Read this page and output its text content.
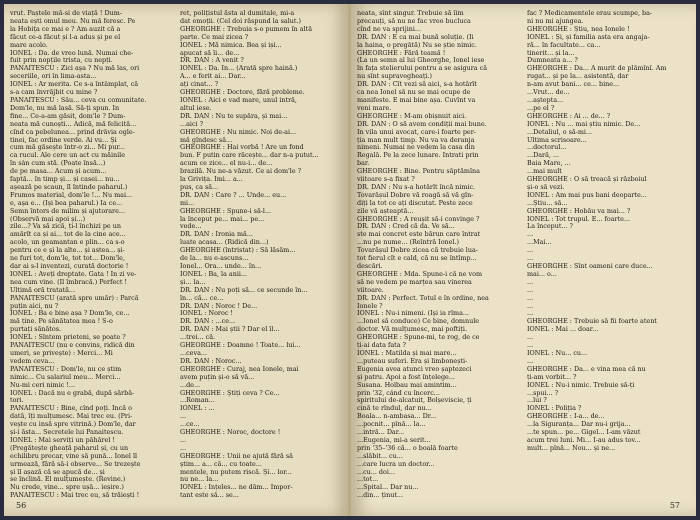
vrut. Paștele mă-si de viață ! Dum-
neata ești omul meu. Nu mă feresc. Pe
la Hobița ce mai e ? Am auzit că a
făcut ce-a făcut și l-a adus și pe el
mare acolo.
IONEL : Da. de vreo lună. Numai che-
fuit prin nopțile trista, cu nepți.
PANAITESCU : Zici așa ? Nu mă las, ori
seceriile, ori în lima-asta...
IONEL : Ar merita. Ce s-a întâmplat, că
s-a cam învrăjbit cu mine ?
PANAITESCU : Său... ceva cu comunitate.
Dom'le, nu mă lasă. Să-ți spun. În
fine... Ce-a-am găsit, dom'le ? Dum-
neata mă cunoști... Adică, mă felicită...
cînd ca pebelunea... prind drăvia ogle-
tinei, fac ordine verde. Ai vu... Și
cum mă găsește într-o zi... Mi pur...
ca rucul. Ale cere un act cu măinile
în sân cum stă. (Poate însă...)
de pe masa... Acum și acum...
faptă... în timp și... și casei... nu...
așează pe scaun, îl întinde paharul.)
Frumos material, dom'le !... Nu mai...
e, așa e... (Își bea paharul.) Ia ce...
Semn întors de milim și ajutorare...
(Observă mai apoi și...)
zile...? Va să zică, ți-l închizi pe un
amărît ca și ai... tot de la cine ace...
acolo, un geamantan e plin... ca s-o
pentru ce e și la alte... și astea... și-
ne furi tot, dom'le, tot tot... Dom'le,
dar ai s-l inventezi, curată doctorie !
IONEL : Aveți dreptate. Gata ! În zi ve-
nea cum vine. (Îl îmbracă.) Perfect !
Ultimă oră tratată...
PANAITESCU (arată spre umăr) : Parcă
puțin aici, nu ?
IONEL : Ba e bine așa ? Dom'le, ce...
mă ține. Pe sănătatea mea ! S-o
purtați sănătos.
IONEL : Sîntem prieteni, se poate ?
PANAITESCU (nu e convins, ridică din
umeri, se privește) : Merci... Mi
vedem ceva...
PANAITESCU : Dom'le, nu ce știm
nimic... Cu salariul meu... Merci...
Nu-mi ceri nimic !...
IONEL : Dacă nu e grabă, după sărbă-
tori.
PANAITESCU : Bine, cînd poți. Încă o
dată, îți mulțumesc. Mai trec eu. (Pri-
vește cu insă spre vitrină.) Dom'le, dar
și-i ăsta... Secretele lui Panaitescu.
IONEL : Mai serviți un păhărel !
(Pregătește gheață paharul și, cu un
echilibru precar, vine să pună... Ionel îl
urmează, fără să-i observe... Se trezește
și îl așază că se apucă de... și
se înclină. El mulțumește. (Revine.)
Nu crede, vine... spre ușă... ieșire.)
PANAITESCU : Mai trec eu, să trăiești !
ret, polițistul ăsta al dumitale, mi-a
dat emoții. (Cel doi răspund la salut.)
GHEORGHE : Trebuia s-o pumem în altă
parte. Ce mai zicea ?
IONEL : Mă nimica. Bea și iși...
apucat să îi... de...
DR. DAN : A venit ?
IONEL : Da. În... (Arată spre haină.)
A... e ferit ai... Dar...
ați cinat... ?
GHEORGHE : Doctore, fără probleme.
IONEL : Aici e vad mare, unul intră,
altul iese.
DR. DAN : Nu te supăra, și mai...
...aici ?
GHEORGHE : Nu nimic. Noi de-ai...
mă gîndesc să...
GHEORGHE : Hai vorbă ! Are un fond
bun. F putin care răcește... dar n-a putut...
acum ce zice... el nu-i... de...
brazilă. Nu ne-a văzut. Ce ai dom'le ?
la Grivița. Îmi... a...
pus, ca să...
DR. DAN : Care ? ... Unde... eu...
mi...
GHEORGHE : Spune-i să-l...
la început pe... mai... pe...
vede...
DR. DAN : Ironia mă...
luate acasa... (Ridică din...)
GHEORGHE (întristat) : Să lăsăm...
de la... nu e-ascuns...
Ionel... Ora... unde... în...
IONEL : Ba, la anii...
și... la...
DR. DAN : Nu poți să... ce secunde în...
în... că... ce...
DR. DAN : Noroc ! De...
IONEL : Noroc !
DR. DAN : ...ce...
DR. DAN : Mai știi ? Dar el îl...
...trei... că.
GHEORGHE : Doamne ! Toate... lui...
...ceva...
DR. DAN : Noroc...
GHEORGHE : Curaj, nea Ionele, mai
avem puțin și-o să vă...
...de...
GHEORGHE : Știți ceva ? Ce...
...Roman...
IONEL : ...
...
...ce...
GHEORGHE : Noroc, doctore !
...
...
GHEORGHE : Unii ne ajută fără să
știm... a... că... cu toate...
mentele, nu putem riscă. Și... lor...
nu ne... la...
IONEL : Înțeles... ne dăm... Impor-
tant este să... se...
56
neata, sînt singur. Trebuie să îim
precauți, să nu ne fac vreo bucluca
cînd ne va sprijini...
DR. DAN : E ca mai bună soluție. (Îi
la haina, o pregătă) Nu se știe nimic.
GHEORGHE : Fără teamă !
(La un semn al lui Gheorghe, Ionel iese
în fața stelierului pentru a se asigura că
nu sînt supravegheați.)
DR. DAN : Cît vezi să aici, s-a hotărît
ca nea Ionel să nu se mai ocupe de
manifeste. E mai bine așa. Cuvînt va
veni mare.
GHEORGHE : M-am obișnuit aici.
DR. DAN : O să avem condiții mai bune.
În vila unui avocat, care-i foarte per-
ția man mult timp. Nu va va deranja
nimeni. Numai ne vedem la casa din
Regală. Pe la zece lunare. Intrati prin
bar.
GHEORGHE : Bine. Pentru săptămîna
viitoare s-a fixat ?
DR. DAN : Nu s-a hotărît încă nimic.
Tovarășul Dobre vă roagă să vă gîn-
diți la tot ce ați discutat. Peste zece
zile vă așteaptă...
GHEORGHE : A reușit să-i convinge ?
DR. DAN : Cred că da. Ve să...
ste mai concret este bărun care întrat
...nu pe nume... (Reîntră Ionel.)
Tovarășul Dobre zicea că trebuie lua-
tot fierul cît e cald, că nu se întîmp...
descări.
GHEORGHE : Mda. Spune-i că ne vom
să ne vedem pe marțea sau vinerea
viitoare.
DR. DAN : Perfect. Totul e în ordine, nea
Ionele ?
IONEL : Nu-i nimeni. (Își ia rîma...
...Ionel să conduce) Ce bine, domnule
doctor. Vă mulțumesc, mai poftiți.
GHEORGHE : Spune-mi, te rog, de ce
ți-ai data fata ?
IONEL : Matilda și mai mare...
...puteau suferi. Era și limbonești-
Eugenia avea atunci vreo șaptezeci
și patru. Apoi a fost înțelege...
Susana. Holbau mai amintim...
prin '32, când cu încerc...
spiritului de-alcatuit, Bolșeviscie, ți
cină te rîndul, dar nu...
Boala... n-ambasa... Dr...
...pocnit... pînă... la...
...intră... Dar...
...Eugenia, mi-a serit...
prin '35–'36 că... o boală foarte
...slăbit... cu...
...care lucra un doctor...
...cu... doi...
...tot...
...Spital... Dar nu...
...din... ținut...
fac ? Medicamentele erau scumpe, ba-
ni nu mi ajungea.
GHEORGHE : Știu, nea Ionele !
IONEL : Și, și familia asta era angaja-
ră... în facultate... ca...
tinerit... și la...
Dumneata a... ?
GHEORGHE : Da... A murit de plămînî. Am
rugat... și pe la... asistentă, dar
n-am avut bani... ce... bine...
...Vrut... de...
...aștepta...
...pe el ?
GHEORGHE : Ai ... de... ?
IONEL : Nu ... mai știu nimic. De...
...Detaliul, o să-mi...
Ultima scrisoare...
...doctorul...
...Dară, ...
Baia Mare, ...
...mai mult
GHEORGHE : O să treacă și războiul
și-o să vezi.
IONEL : Am mai pus bani deoparte...
...Știu... să...
GHEORGHE : Hobău va mai... ?
IONEL : Tot trupul. E... foarte...
La început... ?
...
...Mai...
...
...
GHEORGHE : Sînt oameni care duce...
mai... o...
...
...
...
...
...
GHEORGHE : Trebuie să fii foarte atent
IONEL : Mai ... doar...
...
...
IONEL : Nu... cu...
...
GHEORGHE : Da... e vina mea că nu
ți-am vorbit... ?
IONEL : Nu-i nimic. Trebuie să-ți
...spui... ?
...lui ?
IONEL : Poliția ?
GHEORGHE : I-a... de...
...la Siguranța... Dar nu-i grija...
...te spun... pe... Gigel... I-am văzut
acum trei luni. Mi... I-au adus tov...
mult... pînă... Nou... și ne...
57
